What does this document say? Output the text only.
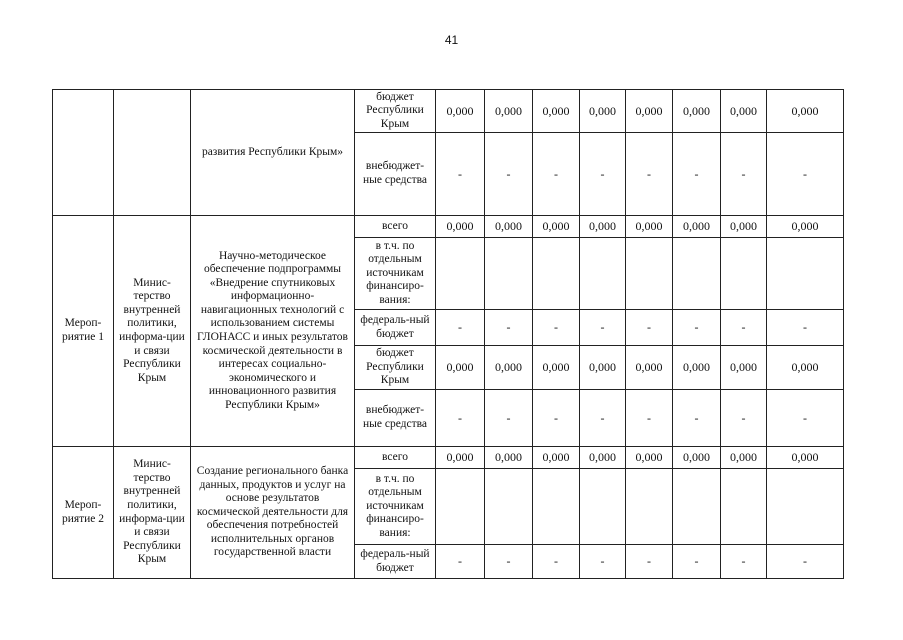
41
		развития Республики Крым»	бюджет Республики Крым	0,000	0,000	0,000	0,000	0,000	0,000	0,000	0,000
			внебюджет-ные средства	-	-	-	-	-	-	-	-
Мероп-риятие 1	Минис-терство внутренней политики, информа-ции и связи Республики Крым	Научно-методическое обеспечение подпрограммы «Внедрение спутниковых информационно-навигационных технологий с использованием системы ГЛОНАСС и иных результатов космической деятельности в интересах социально-экономического и инновационного развития Республики Крым»	всего	0,000	0,000	0,000	0,000	0,000	0,000	0,000	0,000
			в т.ч. по отдельным источникам финансиро-вания:								
			федераль-ный бюджет	-	-	-	-	-	-	-	-
			бюджет Республики Крым	0,000	0,000	0,000	0,000	0,000	0,000	0,000	0,000
			внебюджет-ные средства	-	-	-	-	-	-	-	-
Мероп-риятие 2	Минис-терство внутренней политики, информа-ции и связи Республики Крым	Создание регионального банка данных, продуктов и услуг на основе результатов космической деятельности для обеспечения потребностей исполнительных органов государственной власти	всего	0,000	0,000	0,000	0,000	0,000	0,000	0,000	0,000
			в т.ч. по отдельным источникам финансиро-вания:								
			федераль-ный бюджет	-	-	-	-	-	-	-	-
